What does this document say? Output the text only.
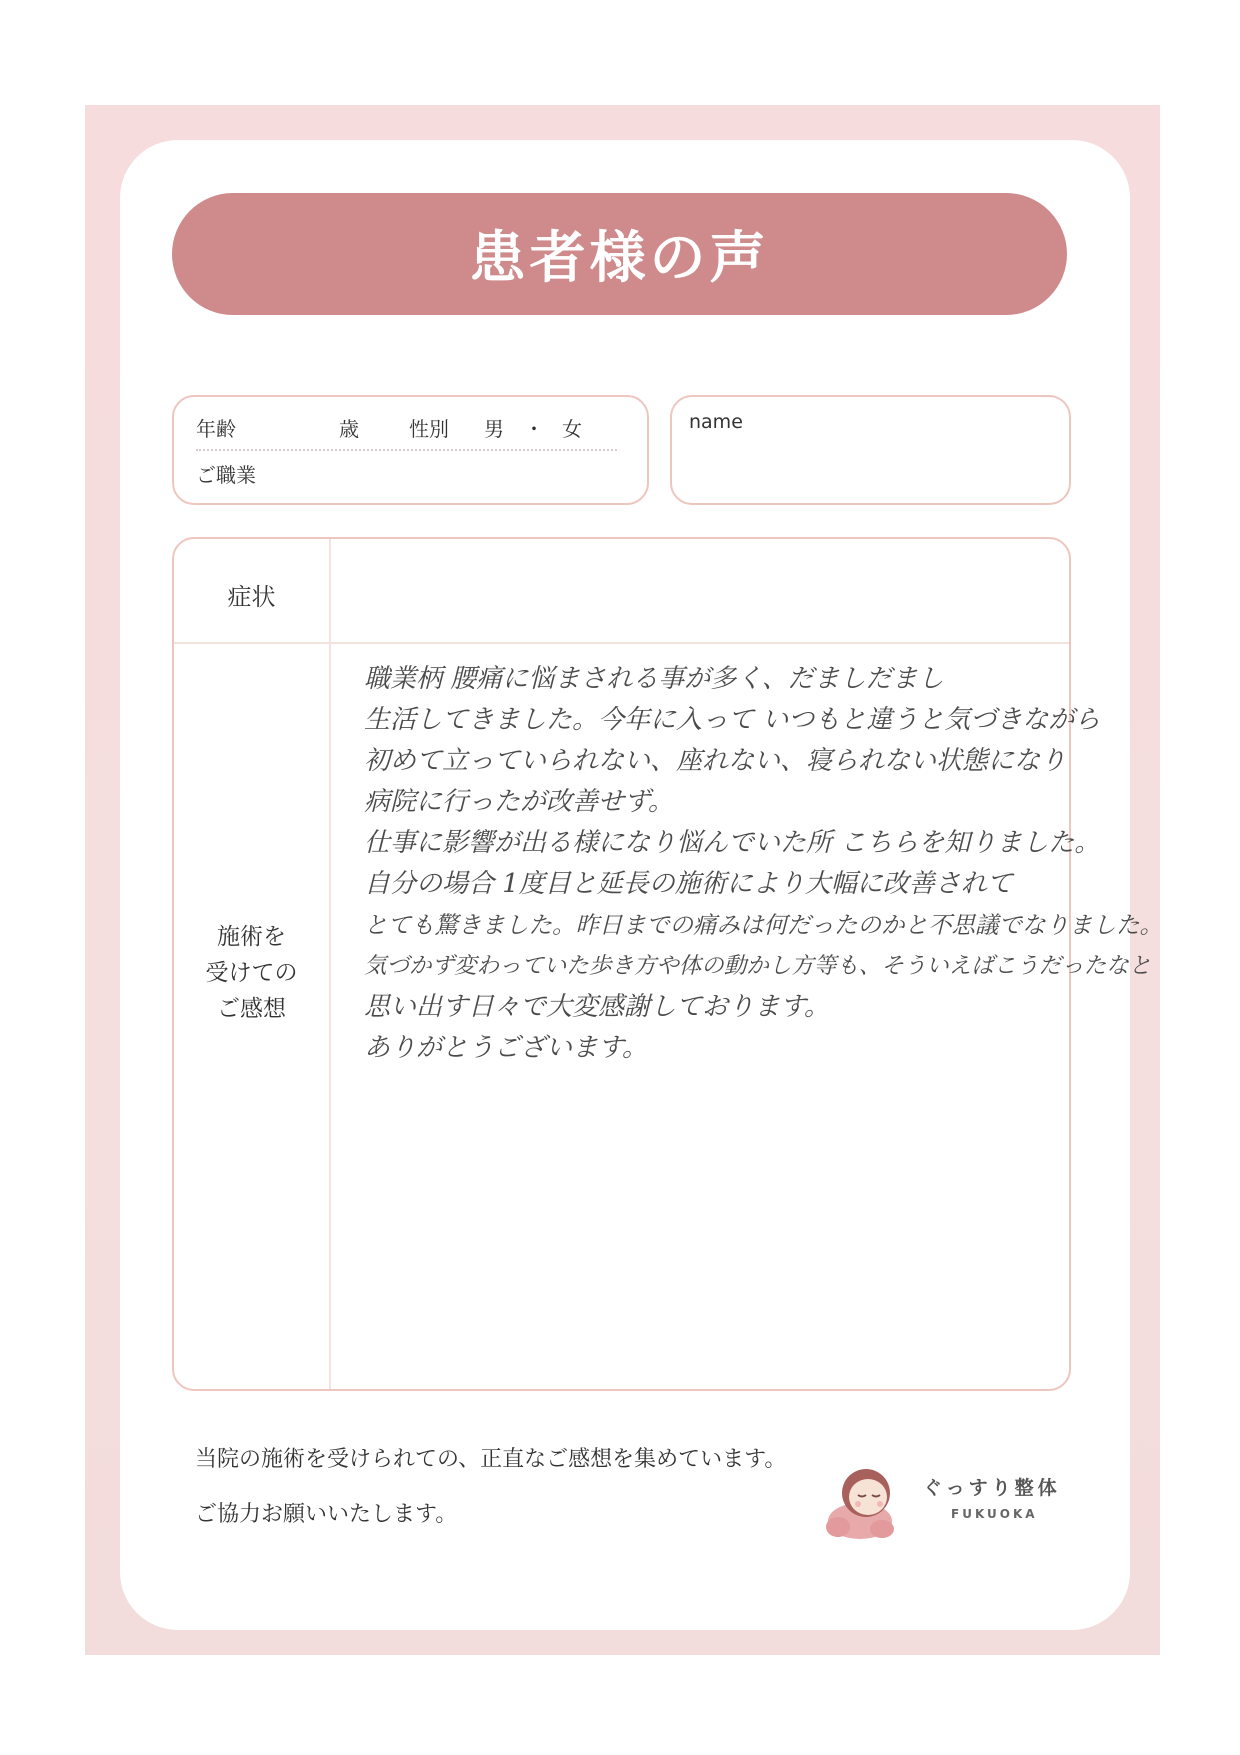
患者様の声
年齢	歳	性別 男 ・ 女
ご職業
name
症状
施術を
受けての
ご感想
職業柄 腰痛に悩まされる事が多く、だましだまし
生活してきました。今年に入って いつもと違うと気づきながら
初めて立っていられない、座れない、寝られない状態になり
病院に行ったが改善せず。
仕事に影響が出る様になり悩んでいた所 こちらを知りました。
自分の場合 1度目と延長の施術により大幅に改善されて
とても驚きました。昨日までの痛みは何だったのかと不思議でなりました。
気づかず変わっていた歩き方や体の動かし方等も、そういえばこうだったなと
思い出す日々で大変感謝しております。
ありがとうございます。
当院の施術を受けられての、正直なご感想を集めています。
ご協力お願いいたします。
ぐっすり整体
FUKUOKA
